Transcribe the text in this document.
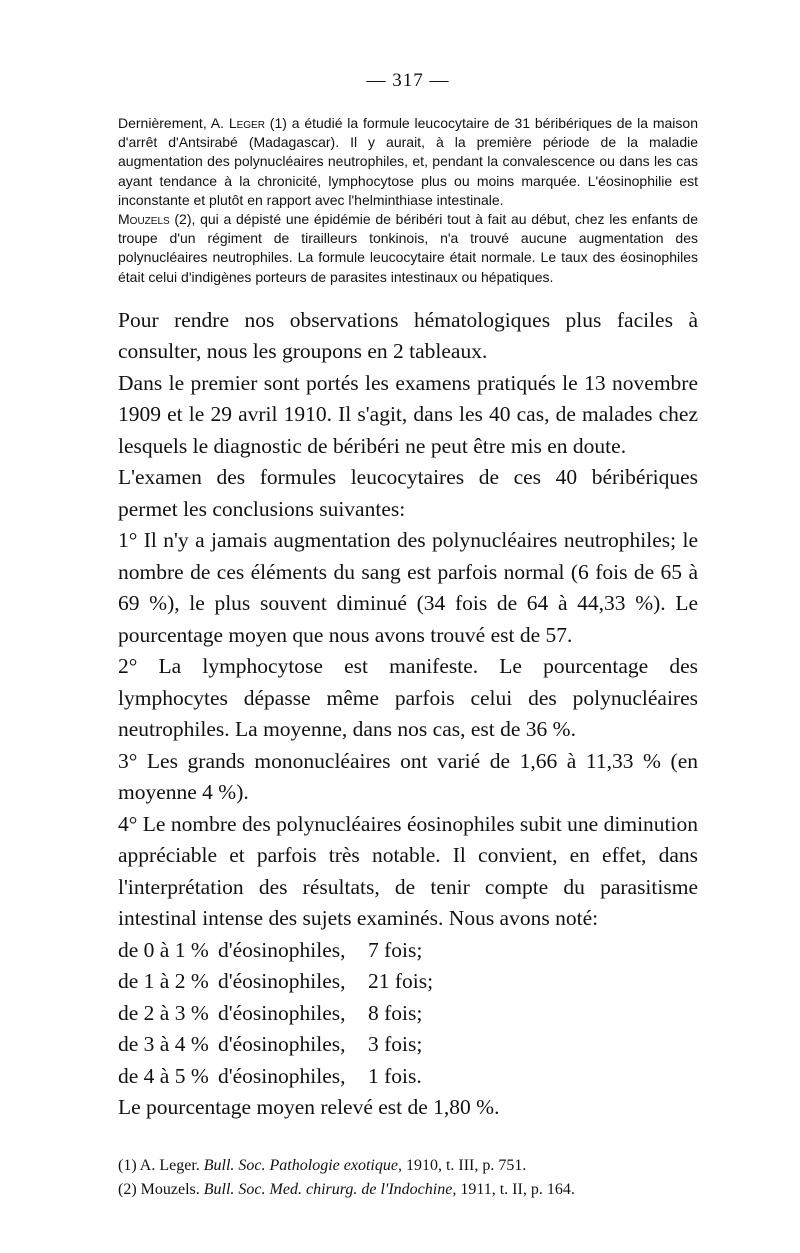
— 317 —

Dernièrement, A. Leger (1) a étudié la formule leucocytaire de 31 béribériques de la maison d'arrêt d'Antsirabé (Madagascar). Il y aurait, à la première période de la maladie augmentation des polynucléaires neutrophiles, et, pendant la convalescence ou dans les cas ayant tendance à la chronicité, lymphocytose plus ou moins marquée. L'éosinophilie est inconstante et plutôt en rapport avec l'helminthiase intestinale.

Mouzels (2), qui a dépisté une épidémie de béribéri tout à fait au début, chez les enfants de troupe d'un régiment de tirailleurs tonkinois, n'a trouvé aucune augmentation des polynucléaires neutrophiles. La formule leucocytaire était normale. Le taux des éosinophiles était celui d'indigènes porteurs de parasites intestinaux ou hépatiques.

Pour rendre nos observations hématologiques plus faciles à consulter, nous les groupons en 2 tableaux.

Dans le premier sont portés les examens pratiqués le 13 novembre 1909 et le 29 avril 1910. Il s'agit, dans les 40 cas, de malades chez lesquels le diagnostic de béribéri ne peut être mis en doute.

L'examen des formules leucocytaires de ces 40 béribériques permet les conclusions suivantes:

1° Il n'y a jamais augmentation des polynucléaires neutrophiles; le nombre de ces éléments du sang est parfois normal (6 fois de 65 à 69 %), le plus souvent diminué (34 fois de 64 à 44,33 %). Le pourcentage moyen que nous avons trouvé est de 57.

2° La lymphocytose est manifeste. Le pourcentage des lymphocytes dépasse même parfois celui des polynucléaires neutrophiles. La moyenne, dans nos cas, est de 36 %.

3° Les grands mononucléaires ont varié de 1,66 à 11,33 % (en moyenne 4 %).

4° Le nombre des polynucléaires éosinophiles subit une diminution appréciable et parfois très notable. Il convient, en effet, dans l'interprétation des résultats, de tenir compte du parasitisme intestinal intense des sujets examinés. Nous avons noté:

de 0 à 1 % d'éosinophiles,	7 fois;
de 1 à 2 % d'éosinophiles,	21 fois;
de 2 à 3 % d'éosinophiles,	8 fois;
de 3 à 4 % d'éosinophiles,	3 fois;
de 4 à 5 % d'éosinophiles,	1 fois.

Le pourcentage moyen relevé est de 1,80 %.

(1) A. Leger. Bull. Soc. Pathologie exotique, 1910, t. III, p. 751.

(2) Mouzels. Bull. Soc. Med. chirurg. de l'Indochine, 1911, t. II, p. 164.
